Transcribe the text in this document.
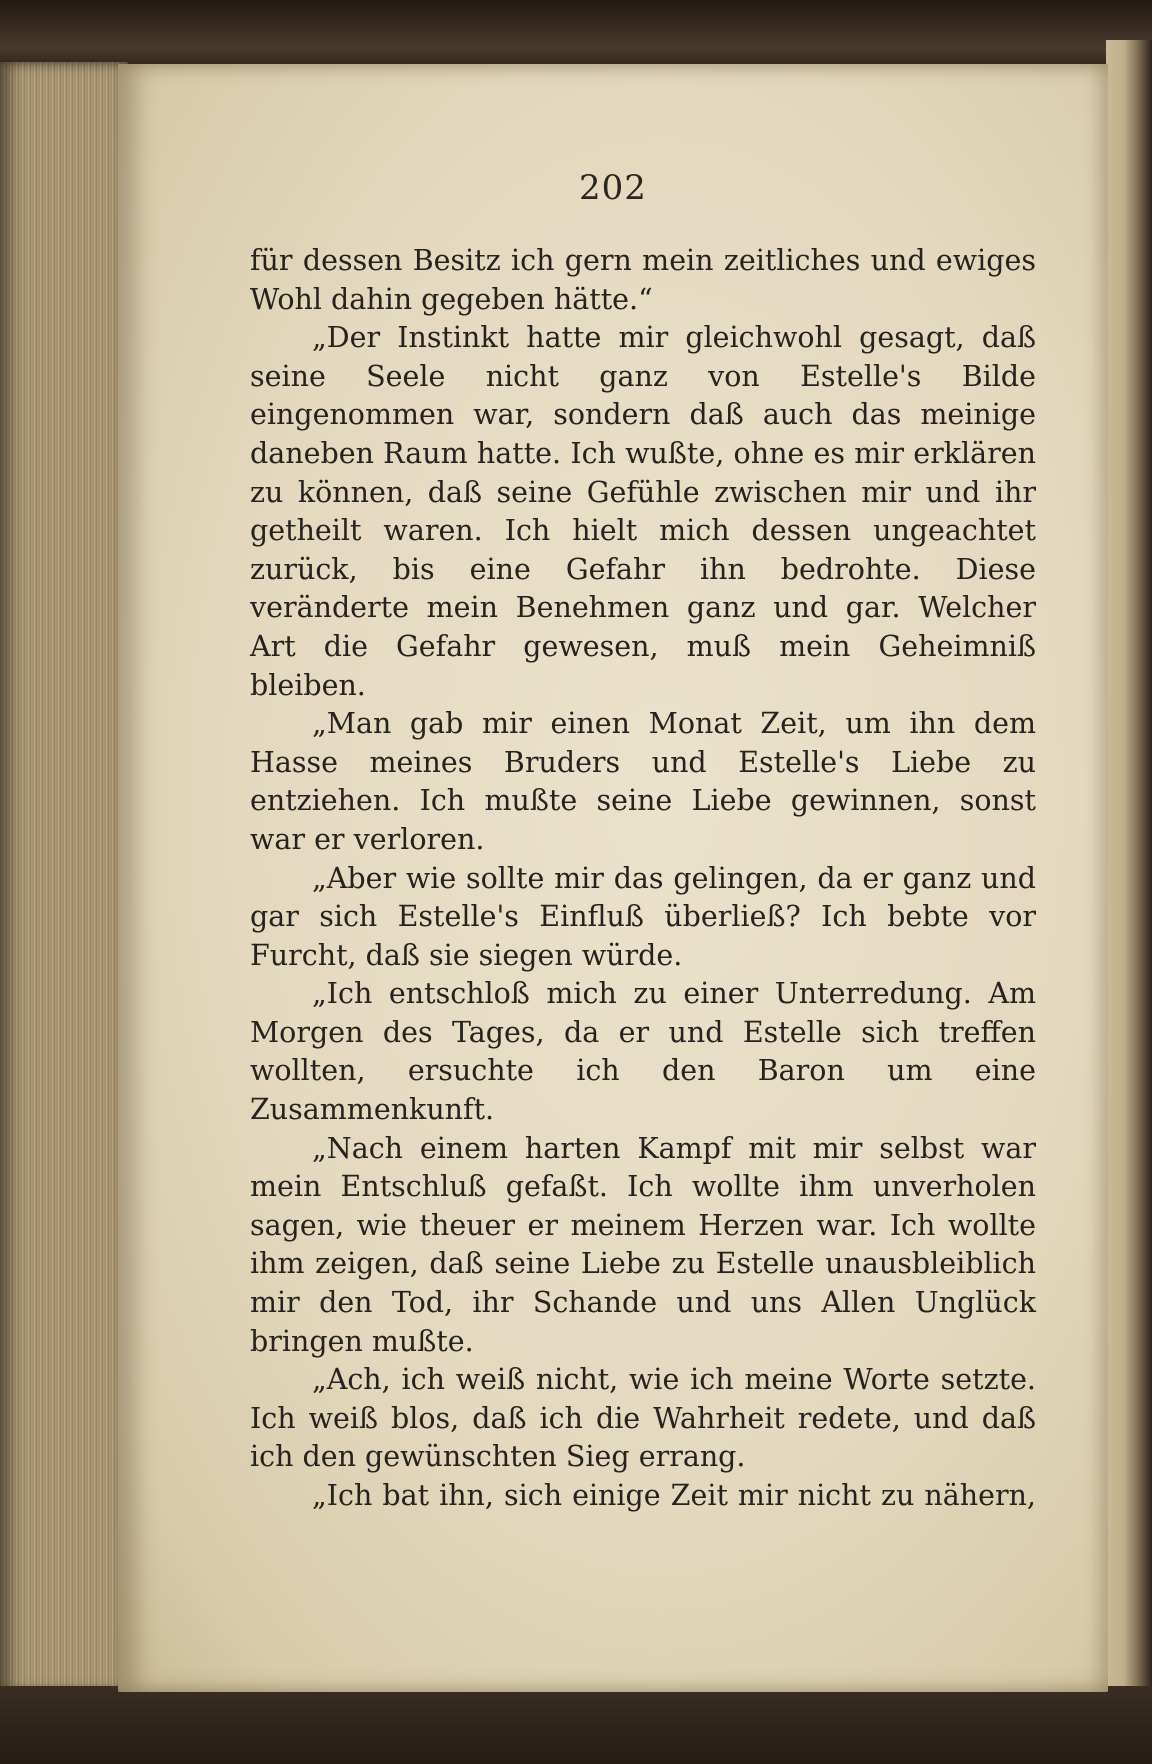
202

für dessen Besitz ich gern mein zeitliches und ewiges Wohl dahin gegeben hätte.“

„Der Instinkt hatte mir gleichwohl gesagt, daß seine Seele nicht ganz von Estelle's Bilde eingenommen war, sondern daß auch das meinige daneben Raum hatte. Ich wußte, ohne es mir erklären zu können, daß seine Gefühle zwischen mir und ihr getheilt waren. Ich hielt mich dessen ungeachtet zurück, bis eine Gefahr ihn bedrohte. Diese veränderte mein Benehmen ganz und gar. Welcher Art die Gefahr gewesen, muß mein Geheimniß bleiben.

„Man gab mir einen Monat Zeit, um ihn dem Hasse meines Bruders und Estelle's Liebe zu entziehen. Ich mußte seine Liebe gewinnen, sonst war er verloren.

„Aber wie sollte mir das gelingen, da er ganz und gar sich Estelle's Einfluß überließ? Ich bebte vor Furcht, daß sie siegen würde.

„Ich entschloß mich zu einer Unterredung. Am Morgen des Tages, da er und Estelle sich treffen wollten, ersuchte ich den Baron um eine Zusammenkunft.

„Nach einem harten Kampf mit mir selbst war mein Entschluß gefaßt. Ich wollte ihm unverholen sagen, wie theuer er meinem Herzen war. Ich wollte ihm zeigen, daß seine Liebe zu Estelle unausbleiblich mir den Tod, ihr Schande und uns Allen Unglück bringen mußte.

„Ach, ich weiß nicht, wie ich meine Worte setzte. Ich weiß blos, daß ich die Wahrheit redete, und daß ich den gewünschten Sieg errang.

„Ich bat ihn, sich einige Zeit mir nicht zu nähern,
